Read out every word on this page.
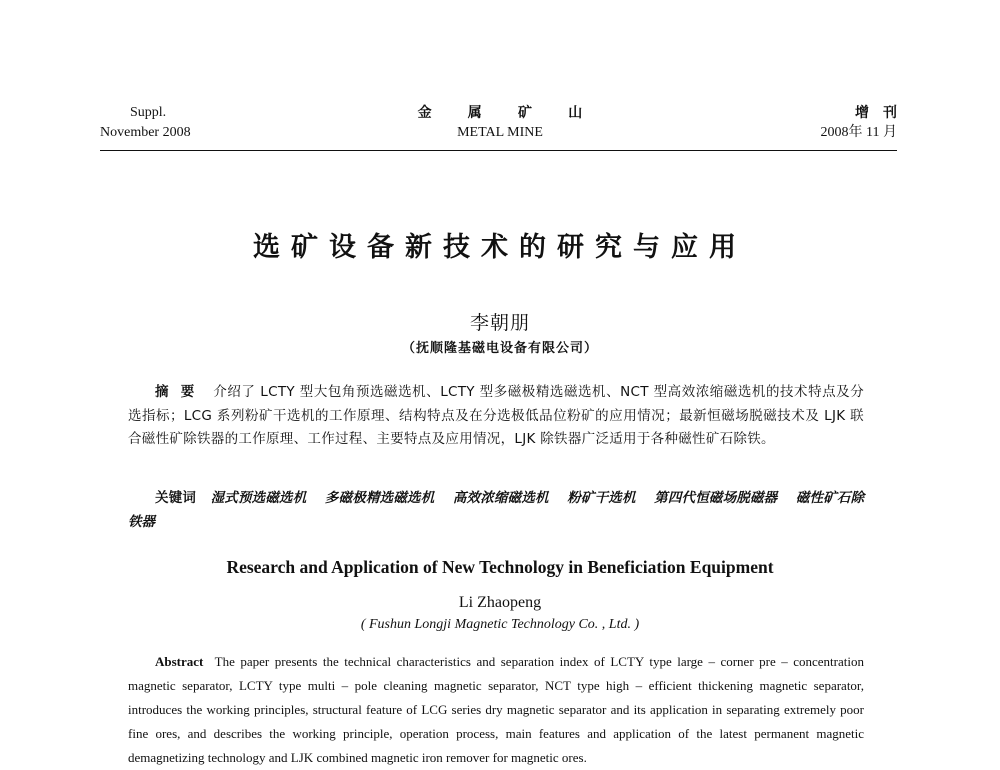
Suppl.
November 2008
金	属	矿	山
METAL MINE
增刊
2008年 11 月
选矿设备新技术的研究与应用
李朝朋
（抚顺隆基磁电设备有限公司）
摘要 介绍了 LCTY 型大包角预选磁选机、LCTY 型多磁极精选磁选机、NCT 型高效浓缩磁选机的技术特点及分选指标；LCG 系列粉矿干选机的工作原理、结构特点及在分选极低品位粉矿的应用情况；最新恒磁场脱磁技术及 LJK 联合磁性矿除铁器的工作原理、工作过程、主要特点及应用情况，LJK 除铁器广泛适用于各种磁性矿石除铁。
关键词 湿式预选磁选机 多磁极精选磁选机 高效浓缩磁选机 粉矿干选机 第四代恒磁场脱磁器 磁性矿石除铁器
Research and Application of New Technology in Beneficiation Equipment
Li Zhaopeng
( Fushun Longji Magnetic Technology Co. , Ltd. )
Abstract The paper presents the technical characteristics and separation index of LCTY type large – corner pre – concentration magnetic separator, LCTY type multi – pole cleaning magnetic separator, NCT type high – efficient thickening magnetic separator, introduces the working principles, structural feature of LCG series dry magnetic separator and its application in separating extremely poor fine ores, and describes the working principle, operation process, main features and application of the latest permanent magnetic demagnetizing technology and LJK combined magnetic iron remover for magnetic ores.
